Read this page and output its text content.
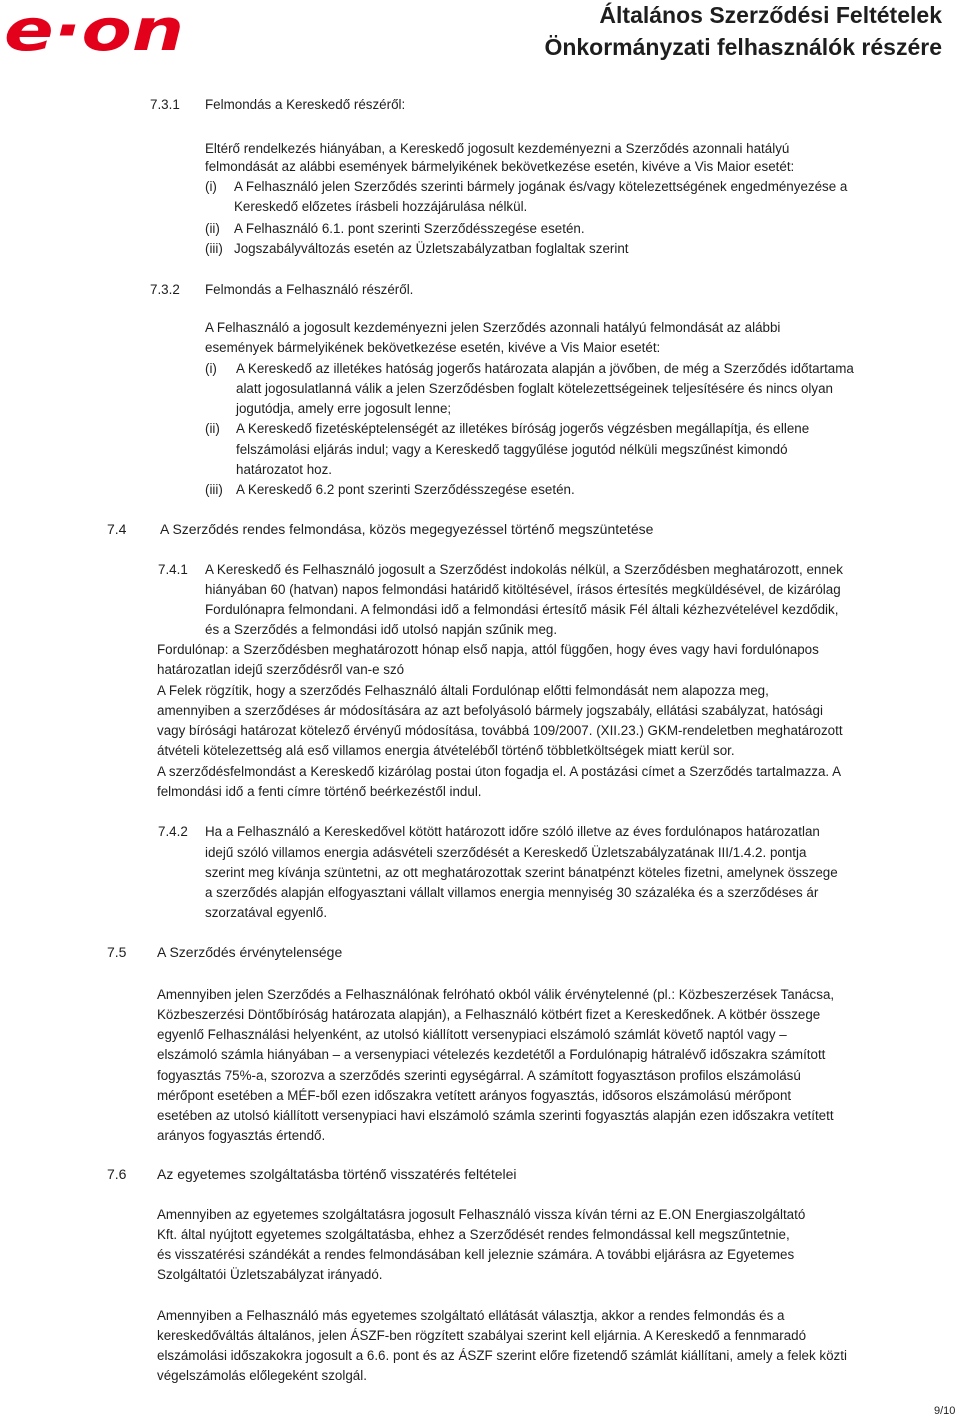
e·on	Általános Szerződési Feltételek
Önkormányzati felhasználók részére
7.3.1 Felmondás a Kereskedő részéről:
Eltérő rendelkezés hiányában, a Kereskedő jogosult kezdeményezni a Szerződés azonnali hatályú
felmondását az alábbi események bármelyikének bekövetkezése esetén, kivéve a Vis Maior esetét:
(i) A Felhasználó jelen Szerződés szerinti bármely jogának és/vagy kötelezettségének engedményezése a
Kereskedő előzetes írásbeli hozzájárulása nélkül.
(ii) A Felhasználó 6.1. pont szerinti Szerződésszegése esetén.
(iii) Jogszabályváltozás esetén az Üzletszabályzatban foglaltak szerint
7.3.2 Felmondás a Felhasználó részéről.
A Felhasználó a jogosult kezdeményezni jelen Szerződés azonnali hatályú felmondását az alábbi
események bármelyikének bekövetkezése esetén, kivéve a Vis Maior esetét:
(i) A Kereskedő az illetékes hatóság jogerős határozata alapján a jövőben, de még a Szerződés időtartama
alatt jogosulatlanná válik a jelen Szerződésben foglalt kötelezettségeinek teljesítésére és nincs olyan
jogutódja, amely erre jogosult lenne;
(ii) A Kereskedő fizetésképtelenségét az illetékes bíróság jogerős végzésben megállapítja, és ellene
felszámolási eljárás indul; vagy a Kereskedő taggyűlése jogutód nélküli megszűnést kimondó
határozatot hoz.
(iii) A Kereskedő 6.2 pont szerinti Szerződésszegése esetén.
7.4 A Szerződés rendes felmondása, közös megegyezéssel történő megszüntetése
7.4.1 A Kereskedő és Felhasználó jogosult a Szerződést indokolás nélkül, a Szerződésben meghatározott, ennek
hiányában 60 (hatvan) napos felmondási határidő kitöltésével, írásos értesítés megküldésével, de kizárólag
Fordulónapra felmondani. A felmondási idő a felmondási értesítő másik Fél általi kézhezvételével kezdődik,
és a Szerződés a felmondási idő utolsó napján szűnik meg.
Fordulónap: a Szerződésben meghatározott hónap első napja, attól függően, hogy éves vagy havi fordulónapos
határozatlan idejű szerződésről van-e szó
A Felek rögzítik, hogy a szerződés Felhasználó általi Fordulónap előtti felmondását nem alapozza meg,
amennyiben a szerződéses ár módosítására az azt befolyásoló bármely jogszabály, ellátási szabályzat, hatósági
vagy bírósági határozat kötelező érvényű módosítása, továbbá 109/2007. (XII.23.) GKM-rendeletben meghatározott
átvételi kötelezettség alá eső villamos energia átvételéből történő többletköltségek miatt kerül sor.
A szerződésfelmondást a Kereskedő kizárólag postai úton fogadja el. A postázási címet a Szerződés tartalmazza. A
felmondási idő a fenti címre történő beérkezéstől indul.
7.4.2 Ha a Felhasználó a Kereskedővel kötött határozott időre szóló illetve az éves fordulónapos határozatlan
idejű szóló villamos energia adásvételi szerződését a Kereskedő Üzletszabályzatának III/1.4.2. pontja
szerint meg kívánja szüntetni, az ott meghatározottak szerint bánatpénzt köteles fizetni, amelynek összege
a szerződés alapján elfogyasztani vállalt villamos energia mennyiség 30 százaléka és a szerződéses ár
szorzatával egyenlő.
7.5 A Szerződés érvénytelensége
Amennyiben jelen Szerződés a Felhasználónak felróható okból válik érvénytelenné (pl.: Közbeszerzések Tanácsa,
Közbeszerzési Döntőbíróság határozata alapján), a Felhasználó kötbért fizet a Kereskedőnek. A kötbér összege
egyenlő Felhasználási helyenként, az utolsó kiállított versenypiaci elszámoló számlát követő naptól vagy –
elszámoló számla hiányában – a versenypiaci vételezés kezdetétől a Fordulónapig hátralévő időszakra számított
fogyasztás 75%-a, szorozva a szerződés szerinti egységárral. A számított fogyasztáson profilos elszámolású
mérőpont esetében a MÉF-ből ezen időszakra vetített arányos fogyasztás, idősoros elszámolású mérőpont
esetében az utolsó kiállított versenypiaci havi elszámoló számla szerinti fogyasztás alapján ezen időszakra vetített
arányos fogyasztás értendő.
7.6 Az egyetemes szolgáltatásba történő visszatérés feltételei
Amennyiben az egyetemes szolgáltatásra jogosult Felhasználó vissza kíván térni az E.ON Energiaszolgáltató
Kft. által nyújtott egyetemes szolgáltatásba, ehhez a Szerződését rendes felmondással kell megszűntetnie,
és visszatérési szándékát a rendes felmondásában kell jeleznie számára. A további eljárásra az Egyetemes
Szolgáltatói Üzletszabályzat irányadó.
Amennyiben a Felhasználó más egyetemes szolgáltató ellátását választja, akkor a rendes felmondás és a
kereskedőváltás általános, jelen ÁSZF-ben rögzített szabályai szerint kell eljárnia. A Kereskedő a fennmaradó
elszámolási időszakokra jogosult a 6.6. pont és az ÁSZF szerint előre fizetendő számlát kiállítani, amely a felek közti
végelszámolás előlegeként szolgál.
9/10
